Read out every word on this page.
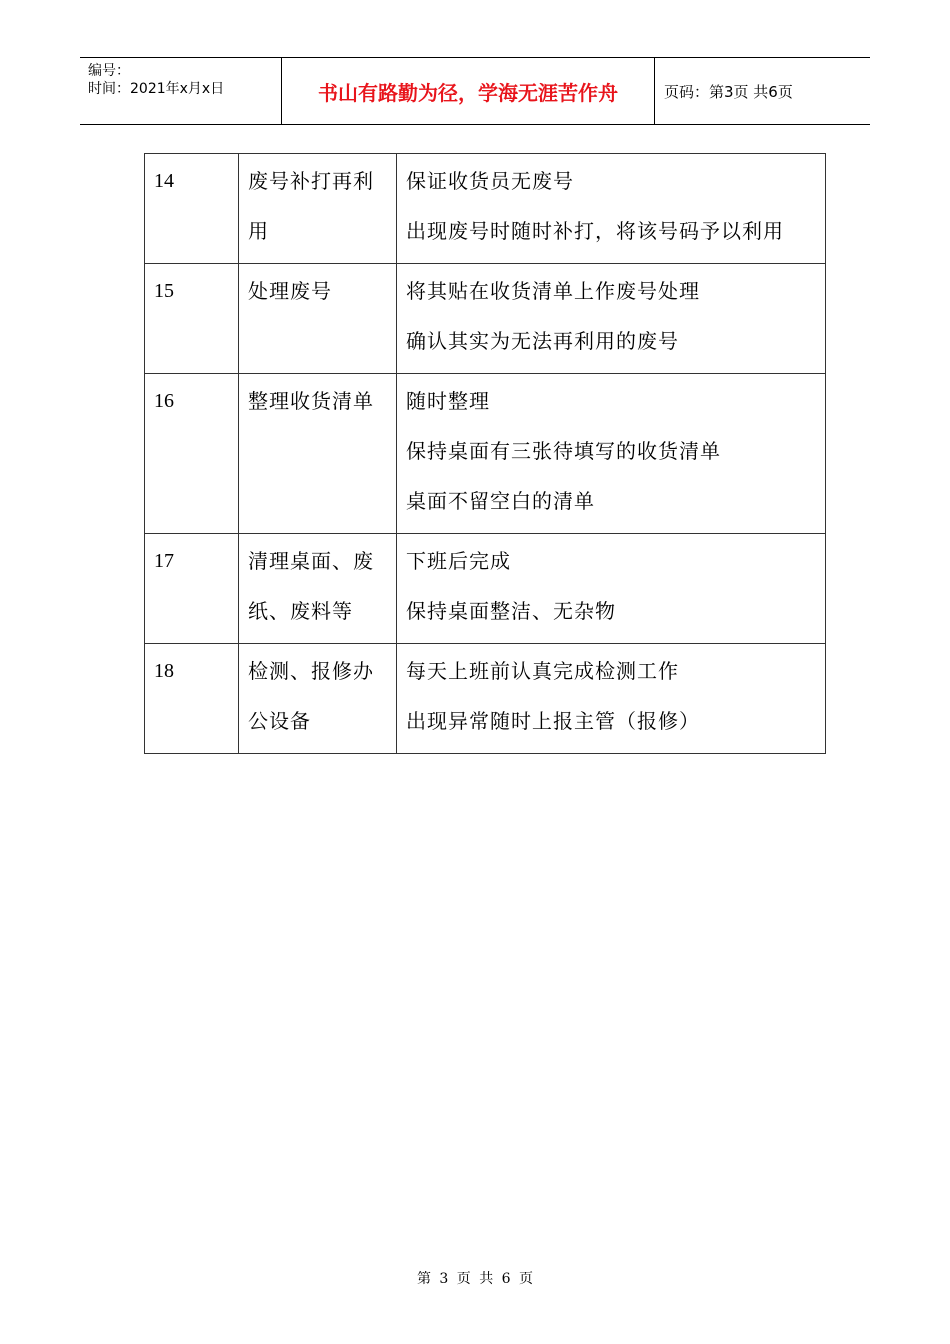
编号：
时间：2021年x月x日	书山有路勤为径，学海无涯苦作舟	页码：第3页 共6页
14	废号补打再利用	保证收货员无废号
出现废号时随时补打，将该号码予以利用

15	处理废号	将其贴在收货清单上作废号处理
确认其实为无法再利用的废号

16	整理收货清单	随时整理
保持桌面有三张待填写的收货清单
桌面不留空白的清单

17	清理桌面、废纸、废料等	下班后完成
保持桌面整洁、无杂物

18	检测、报修办公设备	每天上班前认真完成检测工作
出现异常随时上报主管（报修）
第 3 页 共 6 页
